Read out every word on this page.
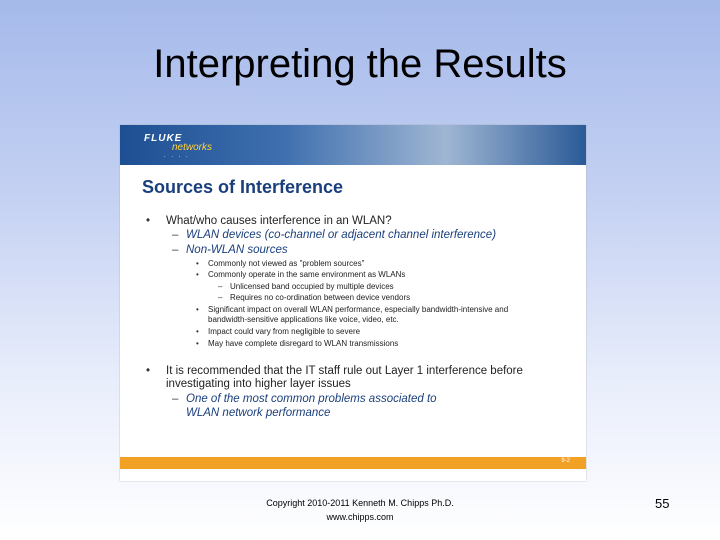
Interpreting the Results
FLUKE
networks
. . . .
Sources of Interference
• What/who causes interference in an WLAN?
– WLAN devices (co-channel or adjacent channel interference)
– Non-WLAN sources
• Commonly not viewed as "problem sources"
• Commonly operate in the same environment as WLANs
– Unlicensed band occupied by multiple devices
– Requires no co-ordination between device vendors
• Significant impact on overall WLAN performance, especially bandwidth-intensive and
bandwidth-sensitive applications like voice, video, etc.
• Impact could vary from negligible to severe
• May have complete disregard to WLAN transmissions
• It is recommended that the IT staff rule out Layer 1 interference before
investigating into higher layer issues
– One of the most common problems associated to
WLAN network performance
9-2
Copyright 2010-2011 Kenneth M. Chipps Ph.D.
www.chipps.com
55
